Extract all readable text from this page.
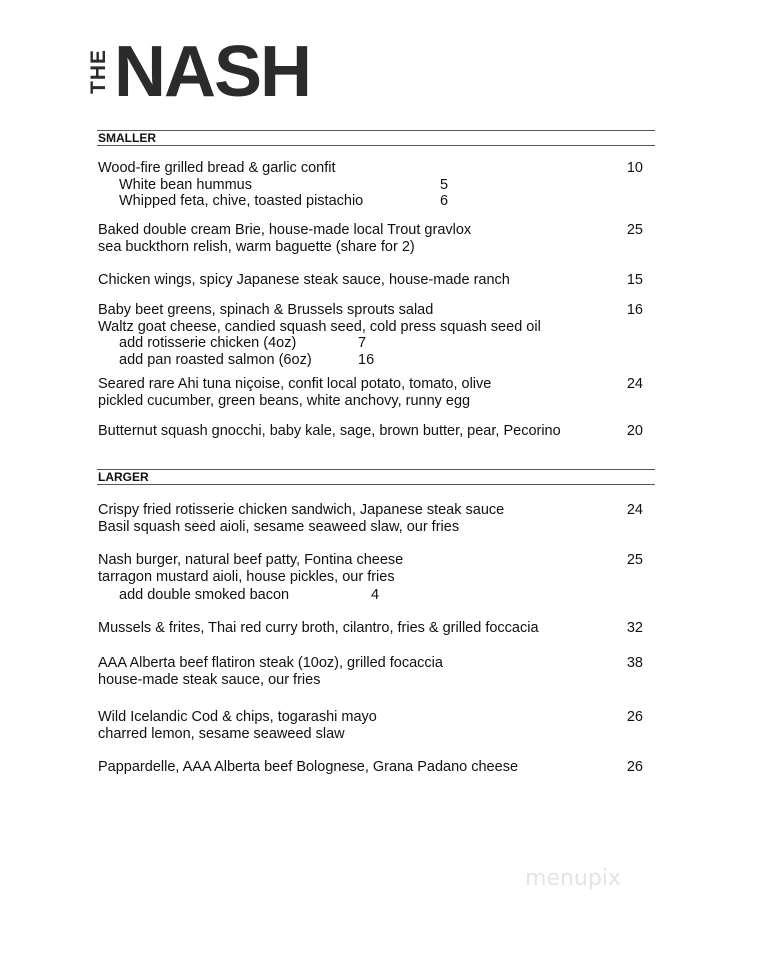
THE NASH
SMALLER
Wood-fire grilled bread & garlic confit	10
White bean hummus	5
Whipped feta, chive, toasted pistachio	6
Baked double cream Brie, house-made local Trout gravlox
sea buckthorn relish, warm baguette (share for 2)
25
Chicken wings, spicy Japanese steak sauce, house-made ranch	15
Baby beet greens, spinach & Brussels sprouts salad
Waltz goat cheese, candied squash seed, cold press squash seed oil
16
add rotisserie chicken (4oz)	7
add pan roasted salmon (6oz)	16
Seared rare Ahi tuna niçoise, confit local potato, tomato, olive
pickled cucumber, green beans, white anchovy, runny egg
24
Butternut squash gnocchi, baby kale, sage, brown butter, pear, Pecorino	20
LARGER
Crispy fried rotisserie chicken sandwich, Japanese steak sauce
Basil squash seed aioli, sesame seaweed slaw, our fries
24
Nash burger, natural beef patty, Fontina cheese
tarragon mustard aioli, house pickles, our fries
25
add double smoked bacon	4
Mussels & frites, Thai red curry broth, cilantro, fries & grilled foccacia	32
AAA Alberta beef flatiron steak (10oz), grilled focaccia
house-made steak sauce, our fries
38
Wild Icelandic Cod & chips, togarashi mayo
charred lemon, sesame seaweed slaw
26
Pappardelle, AAA Alberta beef Bolognese, Grana Padano cheese	26
menupix
